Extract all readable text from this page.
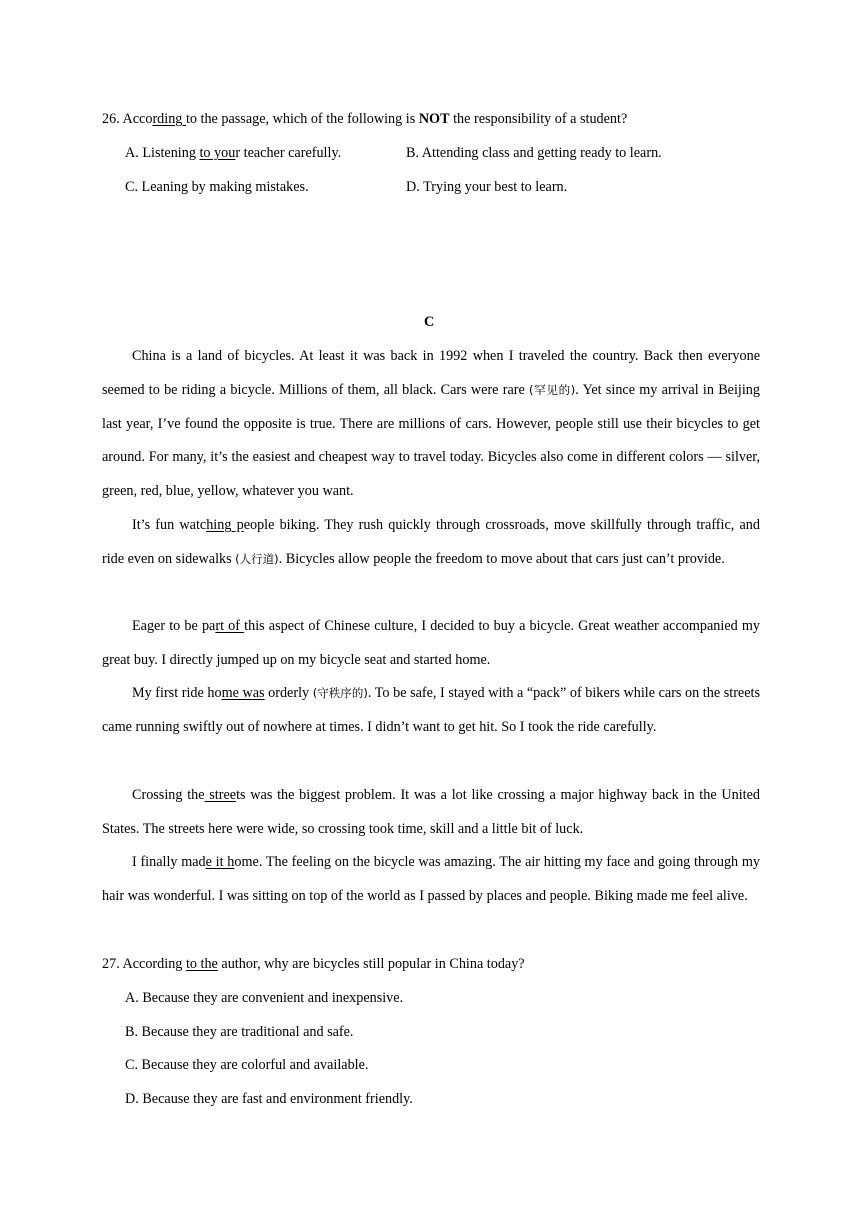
26. According to the passage, which of the following is NOT the responsibility of a student?
A. Listening to your teacher carefully.	B. Attending class and getting ready to learn.
C. Leaning by making mistakes.	D. Trying your best to learn.
C
China is a land of bicycles. At least it was back in 1992 when I traveled the country. Back then everyone seemed to be riding a bicycle. Millions of them, all black. Cars were rare (罕见的). Yet since my arrival in Beijing last year, I’ve found the opposite is true. There are millions of cars. However, people still use their bicycles to get around. For many, it’s the easiest and cheapest way to travel today. Bicycles also come in different colors — silver, green, red, blue, yellow, whatever you want.
It’s fun watching people biking. They rush quickly through crossroads, move skillfully through traffic, and ride even on sidewalks (人行道). Bicycles allow people the freedom to move about that cars just can’t provide.
Eager to be part of this aspect of Chinese culture, I decided to buy a bicycle. Great weather accompanied my great buy. I directly jumped up on my bicycle seat and started home.
My first ride home was orderly (守秩序的). To be safe, I stayed with a “pack” of bikers while cars on the streets came running swiftly out of nowhere at times. I didn’t want to get hit. So I took the ride carefully.
Crossing the streets was the biggest problem. It was a lot like crossing a major highway back in the United States. The streets here were wide, so crossing took time, skill and a little bit of luck.
I finally made it home. The feeling on the bicycle was amazing. The air hitting my face and going through my hair was wonderful. I was sitting on top of the world as I passed by places and people. Biking made me feel alive.
27. According to the author, why are bicycles still popular in China today?
A. Because they are convenient and inexpensive.
B. Because they are traditional and safe.
C. Because they are colorful and available.
D. Because they are fast and environment friendly.
